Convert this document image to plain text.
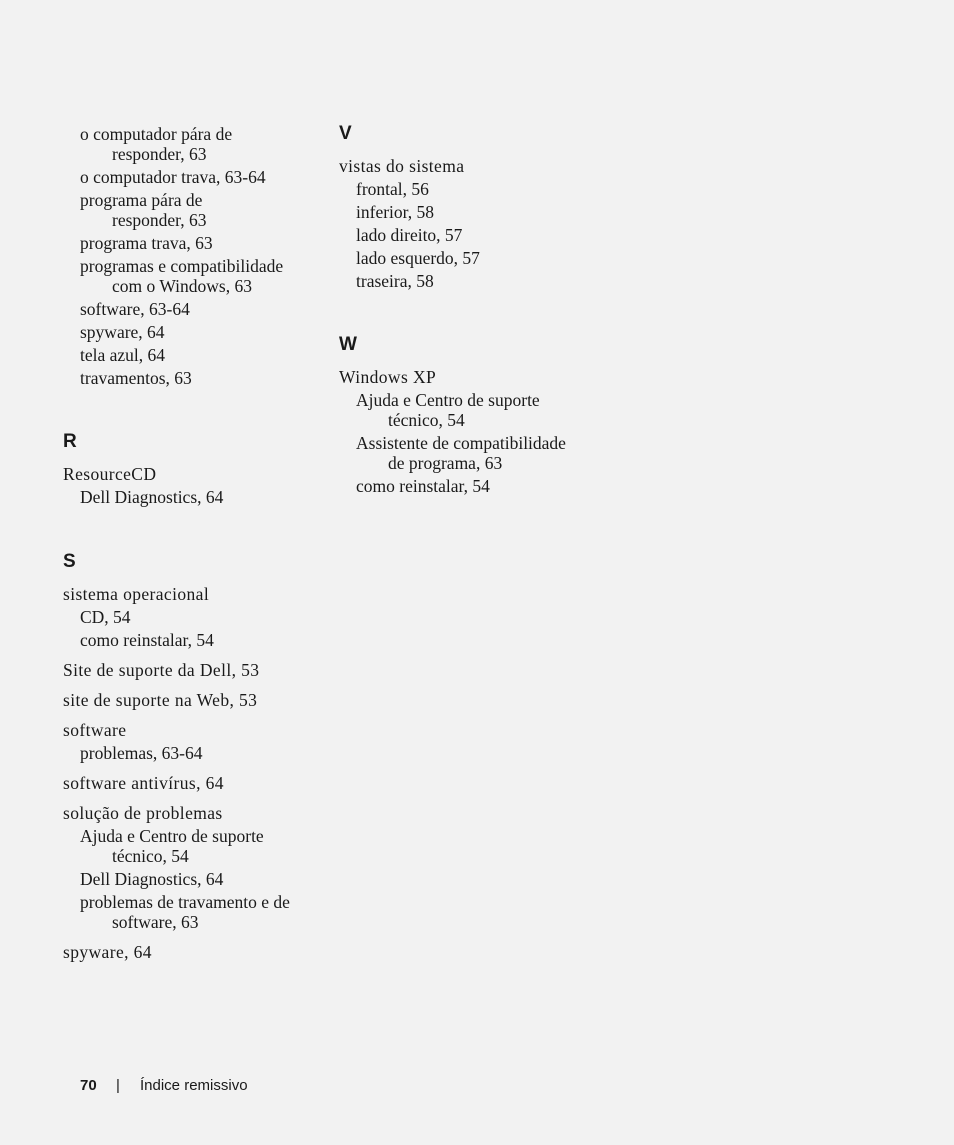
o computador pára de
responder, 63
o computador trava, 63-64
programa pára de
responder, 63
programa trava, 63
programas e compatibilidade
com o Windows, 63
software, 63-64
spyware, 64
tela azul, 64
travamentos, 63
R
ResourceCD
Dell Diagnostics, 64
S
sistema operacional
CD, 54
como reinstalar, 54
Site de suporte da Dell, 53
site de suporte na Web, 53
software
problemas, 63-64
software antivírus, 64
solução de problemas
Ajuda e Centro de suporte
técnico, 54
Dell Diagnostics, 64
problemas de travamento e de
software, 63
spyware, 64
V
vistas do sistema
frontal, 56
inferior, 58
lado direito, 57
lado esquerdo, 57
traseira, 58
W
Windows XP
Ajuda e Centro de suporte
técnico, 54
Assistente de compatibilidade
de programa, 63
como reinstalar, 54
70 | Índice remissivo
